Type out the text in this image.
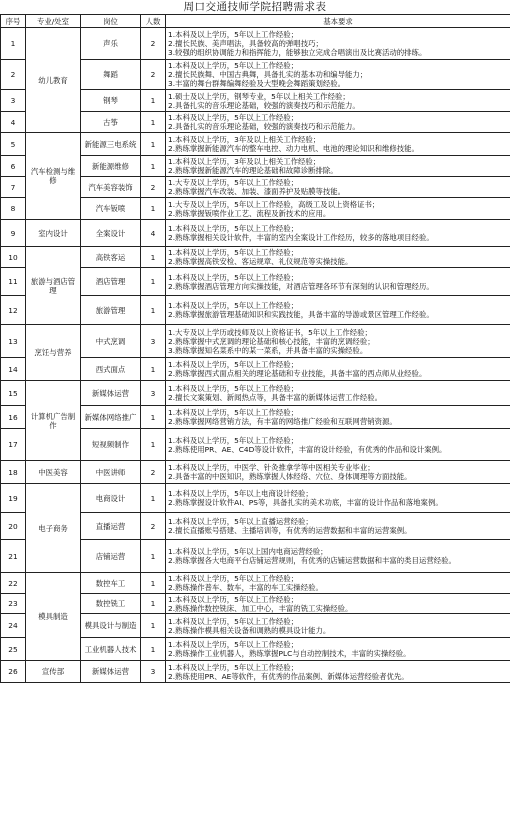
周口交通技师学院招聘需求表
序号	专业/处室	岗位	人数	基本要求
1	幼儿教育	声乐	2	1.本科及以上学历，5年以上工作经验；
2.擅长民族、美声唱法，具备较高的弹唱技巧；
3.较强的组织协调能力和指挥能力，能够独立完成合唱演出及比赛活动的排练。
2		舞蹈	2	1.本科及以上学历，5年以上工作经验；
2.擅长民族舞、中国古典舞，具备扎实的基本功和编导能力；
3.丰富的舞台群舞编舞经验及大型晚会舞蹈策划经验。
3		钢琴	1	1.硕士及以上学历，钢琴专业，5年以上相关工作经验；
2.具备扎实的音乐理论基础，较强的演奏技巧和示范能力。
4		古筝	1	1.本科及以上学历，5年以上工作经验；
2.具备扎实的音乐理论基础，较强的演奏技巧和示范能力。
5	汽车检测与维修	新能源三电系统	1	1.本科及以上学历，3年及以上相关工作经验；
2.熟练掌握新能源汽车的整车电控、动力电机、电池的理论知识和维修技能。
6		新能源维修	1	1.本科及以上学历，3年及以上相关工作经验；
2.熟练掌握新能源汽车的理论基础和故障诊断排除。
7		汽车美容装饰	2	1.大专及以上学历，5年以上工作经验；
2.熟练掌握汽车改装、加装、漆面养护及贴膜等技能。
8		汽车钣喷	1	1.大专及以上学历，5年以上工作经验，高级工及以上资格证书；
2.熟练掌握钣喷作业工艺、流程及新技术的应用。
9	室内设计	全案设计	4	1.本科及以上学历，5年以上工作经验；
2.熟练掌握相关设计软件，丰富的室内全案设计工作经历，较多的落地项目经验。
10	旅游与酒店管理	高铁客运	1	1.本科及以上学历，5年以上工作经验；
2.熟练掌握高铁安检、客运规章、礼仪规范等实操技能。
11		酒店管理	1	1.本科及以上学历，5年以上工作经验；
2.熟练掌握酒店管理方向实操技能，对酒店管理各环节有深刻的认识和管理经历。
12		旅游管理	1	1.本科及以上学历，5年以上工作经验；
2.熟练掌握旅游管理基础知识和实践技能，具备丰富的导游或景区管理工作经验。
13	烹饪与营养	中式烹调	3	1.大专及以上学历或技师及以上资格证书，5年以上工作经验；
2.熟练掌握中式烹调的理论基础和核心技能，丰富的烹调经验；
3.熟练掌握知名菜系中的某一菜系，并具备丰富的实操经验。
14		西式面点	1	1.本科及以上学历，5年以上工作经验；
2.熟练掌握西式面点相关的理论基础和专业技能，具备丰富的西点师从业经验。
15	计算机广告制作	新媒体运营	3	1.本科及以上学历，5年以上工作经验；
2.擅长文案策划、新闻热点等，具备丰富的新媒体运营工作经验。
16		新媒体网络推广	1	1.本科及以上学历，5年以上工作经验；
2.熟练掌握网络营销方法，有丰富的网络推广经验和互联网营销资源。
17		短视频制作	1	1.本科及以上学历，5年以上工作经验；
2.熟练使用PR、AE、C4D等设计软件，丰富的设计经验，有优秀的作品和设计案例。
18	中医美容	中医讲师	2	1.本科及以上学历，中医学、针灸推拿学等中医相关专业毕业；
2.具备丰富的中医知识，熟练掌握人体经络、穴位、身体调理等方面技能。
19	电子商务	电商设计	1	1.本科及以上学历，5年以上电商设计经验；
2.熟练掌握设计软件AI、PS等，具备扎实的美术功底，丰富的设计作品和落地案例。
20		直播运营	2	1.本科及以上学历，5年以上直播运营经验；
2.擅长直播账号搭建、主播培训等，有优秀的运营数据和丰富的运营案例。
21		店铺运营	1	1.本科及以上学历，5年以上国内电商运营经验；
2.熟练掌握各大电商平台店铺运营规则，有优秀的店铺运营数据和丰富的类目运营经验。
22	模具制造	数控车工	1	1.本科及以上学历，5年以上工作经验；
2.熟练操作普车、数车，丰富的车工实操经验。
23		数控铣工	1	1.本科及以上学历，5年以上工作经验；
2.熟练操作数控铣床、加工中心，丰富的铣工实操经验。
24		模具设计与制造	1	1.本科及以上学历，5年以上工作经验；
2.熟练操作模具相关设备和调熟的模具设计能力。
25		工业机器人技术	1	1.本科及以上学历，5年以上工作经验；
2.熟练操作工业机器人，熟练掌握PLC与自动控制技术，丰富的实操经验。
26	宣传部	新媒体运营	3	1.本科及以上学历，5年以上工作经验；
2.熟练使用PR、AE等软件，有优秀的作品案例、新媒体运营经验者优先。
